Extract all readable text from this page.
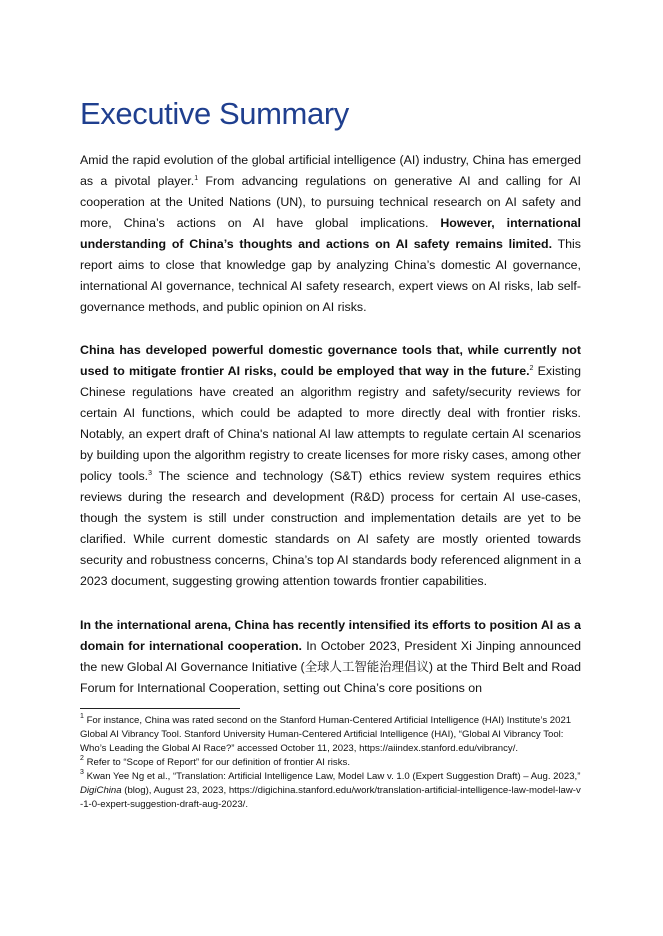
Executive Summary

Amid the rapid evolution of the global artificial intelligence (AI) industry, China has emerged as a pivotal player.$^1$ From advancing regulations on generative AI and calling for AI cooperation at the United Nations (UN), to pursuing technical research on AI safety and more, China’s actions on AI have global implications. However, international understanding of China’s thoughts and actions on AI safety remains limited. This report aims to close that knowledge gap by analyzing China’s domestic AI governance, international AI governance, technical AI safety research, expert views on AI risks, lab self-governance methods, and public opinion on AI risks.

China has developed powerful domestic governance tools that, while currently not used to mitigate frontier AI risks, could be employed that way in the future.$^2$ Existing Chinese regulations have created an algorithm registry and safety/security reviews for certain AI functions, which could be adapted to more directly deal with frontier risks. Notably, an expert draft of China's national AI law attempts to regulate certain AI scenarios by building upon the algorithm registry to create licenses for more risky cases, among other policy tools.$^3$ The science and technology (S&T) ethics review system requires ethics reviews during the research and development (R&D) process for certain AI use-cases, though the system is still under construction and implementation details are yet to be clarified. While current domestic standards on AI safety are mostly oriented towards security and robustness concerns, China’s top AI standards body referenced alignment in a 2023 document, suggesting growing attention towards frontier capabilities.

In the international arena, China has recently intensified its efforts to position AI as a domain for international cooperation. In October 2023, President Xi Jinping announced the new Global AI Governance Initiative (全球人工智能治理倡议) at the Third Belt and Road Forum for International Cooperation, setting out China’s core positions on

$^1$ For instance, China was rated second on the Stanford Human-Centered Artificial Intelligence (HAI) Institute’s 2021 Global AI Vibrancy Tool. Stanford University Human-Centered Artificial Intelligence (HAI), “Global AI Vibrancy Tool: Who’s Leading the Global AI Race?” accessed October 11, 2023, https://aiindex.stanford.edu/vibrancy/.

$^2$ Refer to “Scope of Report” for our definition of frontier AI risks.

$^3$ Kwan Yee Ng et al., “Translation: Artificial Intelligence Law, Model Law v. 1.0 (Expert Suggestion Draft) – Aug. 2023,” DigiChina (blog), August 23, 2023, https://digichina.stanford.edu/work/translation-artificial-intelligence-law-model-law-v-1-0-expert-suggestion-draft-aug-2023/.
